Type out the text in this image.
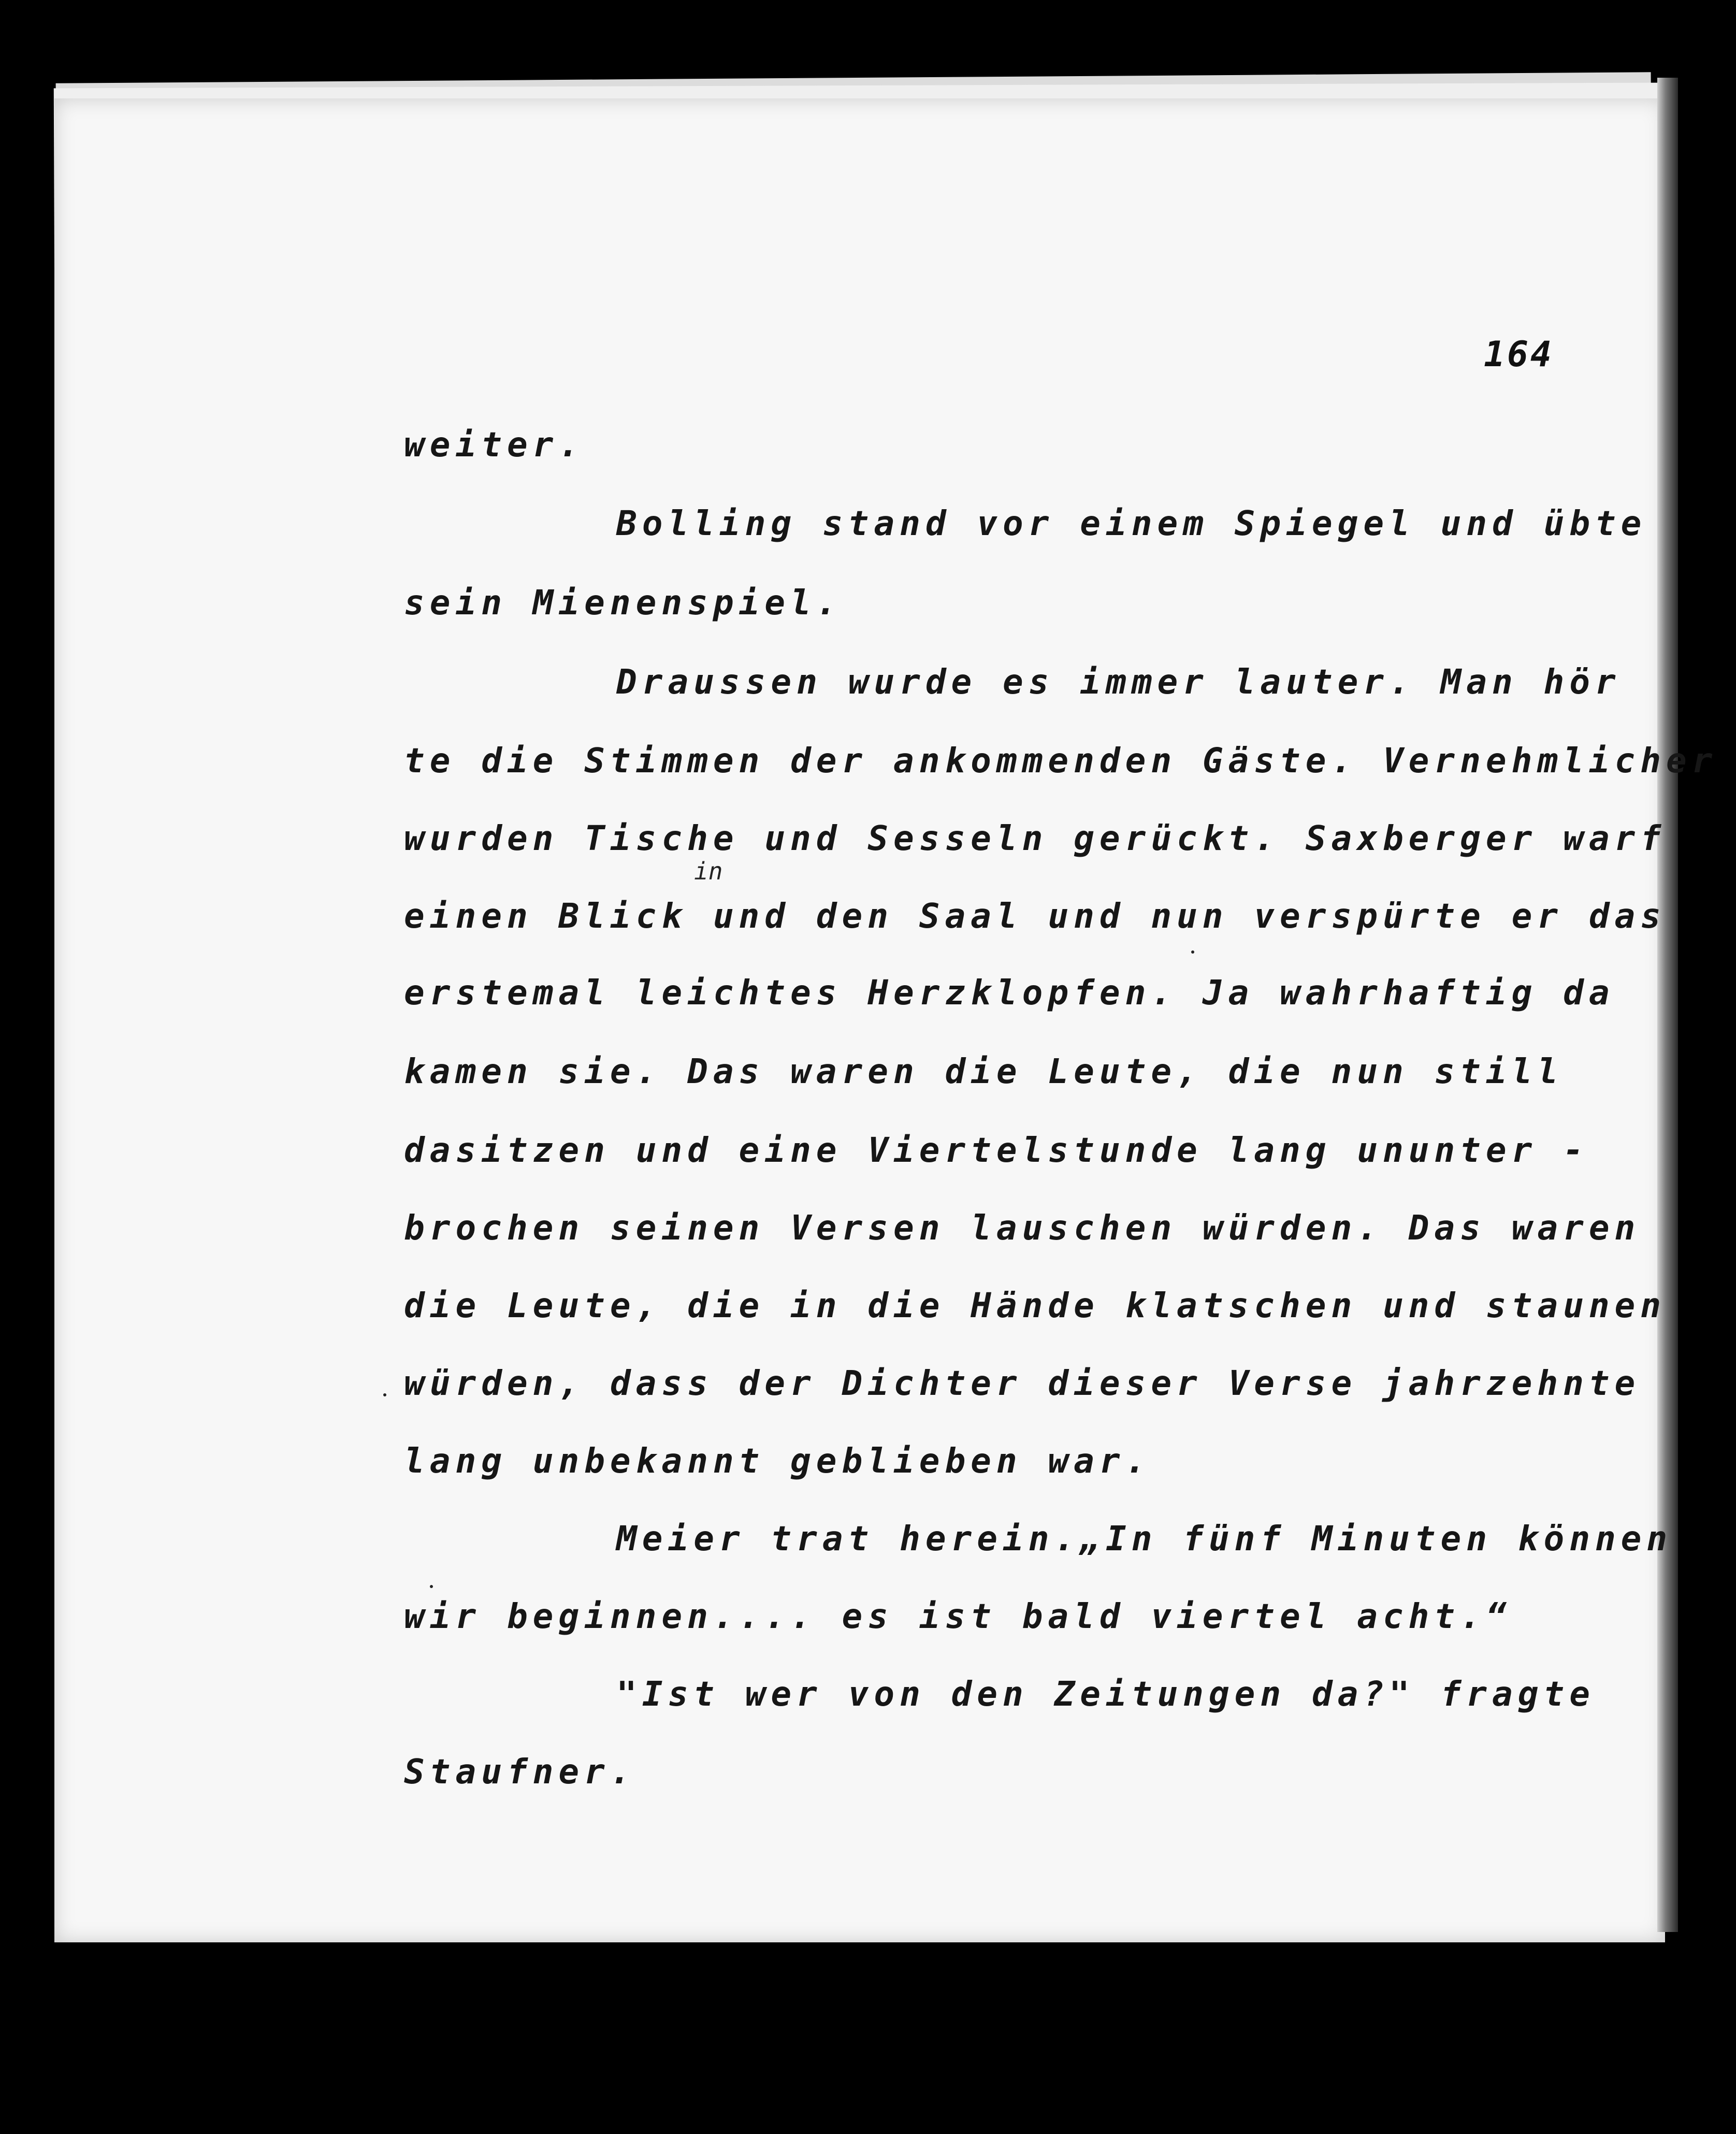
164
weiter.
Bolling stand vor einem Spiegel und übte
sein Mienenspiel.
Draussen wurde es immer lauter. Man hör
te die Stimmen der ankommenden Gäste. Vernehmlicher
wurden Tische und Sesseln gerückt. Saxberger warf
einen Blick und den Saal und nun verspürte er das
erstemal leichtes Herzklopfen. Ja wahrhaftig da
kamen sie. Das waren die Leute, die nun still
dasitzen und eine Viertelstunde lang ununter -
brochen seinen Versen lauschen würden. Das waren
die Leute, die in die Hände klatschen und staunen
würden, dass der Dichter dieser Verse jahrzehnte
lang unbekannt geblieben war.
Meier trat herein.„In fünf Minuten können
wir beginnen.... es ist bald viertel acht.“
"Ist wer von den Zeitungen da?" fragte
Staufner.
in
